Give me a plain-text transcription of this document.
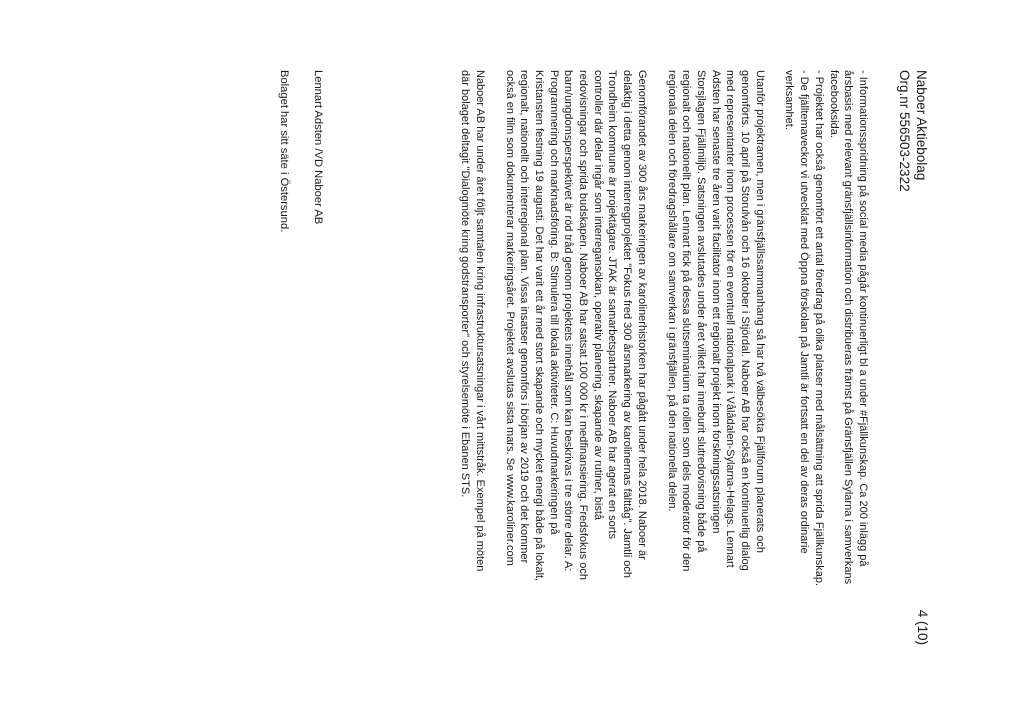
Naboer Aktiebolag
Org.nr 556503-2322
4 (10)
- Informationsspridning på social media pågår kontinuerligt bl a under #Fjällkunskap. Ca 200 inlägg på
årsbasis med relevant gränsfjällsinformation och distribueras främst på Gränsfjällen Sylarna i samverkans
facebooksida.
- Projektet har också genomfört ett antal föredrag på olika platser med målsättning att sprida Fjällkunskap.
- De fjälltemaveckor vi utvecklat med Öppna förskolan på Jamtli är fortsatt en del av deras ordinarie
verksamhet.
Utanför projektramen, men i gränsfjällssammanhang så har två välbesökta Fjällforum planerats och
genomförts. 10 april på Storulvån och 16 oktober i Stjördal. Naboer AB har också en kontinuerlig dialog
med representanter inom processen för en eventuell nationalpark i Vålådalen-Sylarna-Helags. Lennart
Adsten har senaste tre åren varit facilitator inom ett regionalt projekt inom forskningssatsningen
Storsjlagen Fjällmiljö. Satsningen avslutades under året vilket har inneburit slutredovisning både på
regionalt och nationellt plan. Lennart fick på dessa slutseminarium ta rollen som dels moderator för den
regionala delen och föredragshållare om samverkan i gränsfjällen, på den nationella delen.
Genomförandet av 300 års markeringen av karolinerhistorken har pågått under hela 2018. Naboer är
delaktig i detta genom interregprojektet "Fokus fred 300 årsmarkering av karolinernas fälttåg". Jamtli och
Trondheim kommune är projektägare. JTAK är samarbetspartner. Naboer AB har agerat en sorts
controller där delar ingår som interregansökan, operativ planering, skapande av rutiner, bistå
redovisningar och sprida budskapen. Naboer AB har satsat 100 000 kr i medfinansiering. Fredsfokus och
barn/ungdomsperspektivet är röd tråd genom projektets innehåll som kan beskrivas i tre större delar. A:
Programmering och marknadsföring. B: Stimulera till lokala aktiviteter. C: Huvudmarkeringen på
Kristansten festning 19 augusti. Det har varit ett år med stort skapande och mycket energi både på lokalt,
regionalt, nationellt och interregional plan. Vissa insatser genomförs i början av 2019 och det kommer
också en film som dokumenterar markeringsåret. Projektet avslutas sista mars. Se www.karoliner.com
Naboer AB har under året följt samtalen kring infrastruktursatsningar i vårt mittstråk. Exempel på möten
där bolaget deltagit "Dialogmöte kring godstransporter" och styrelsemöte i Ebanen STS.
Lennart Adsten /VD Naboer AB
Bolaget har sitt säte i Östersund.
